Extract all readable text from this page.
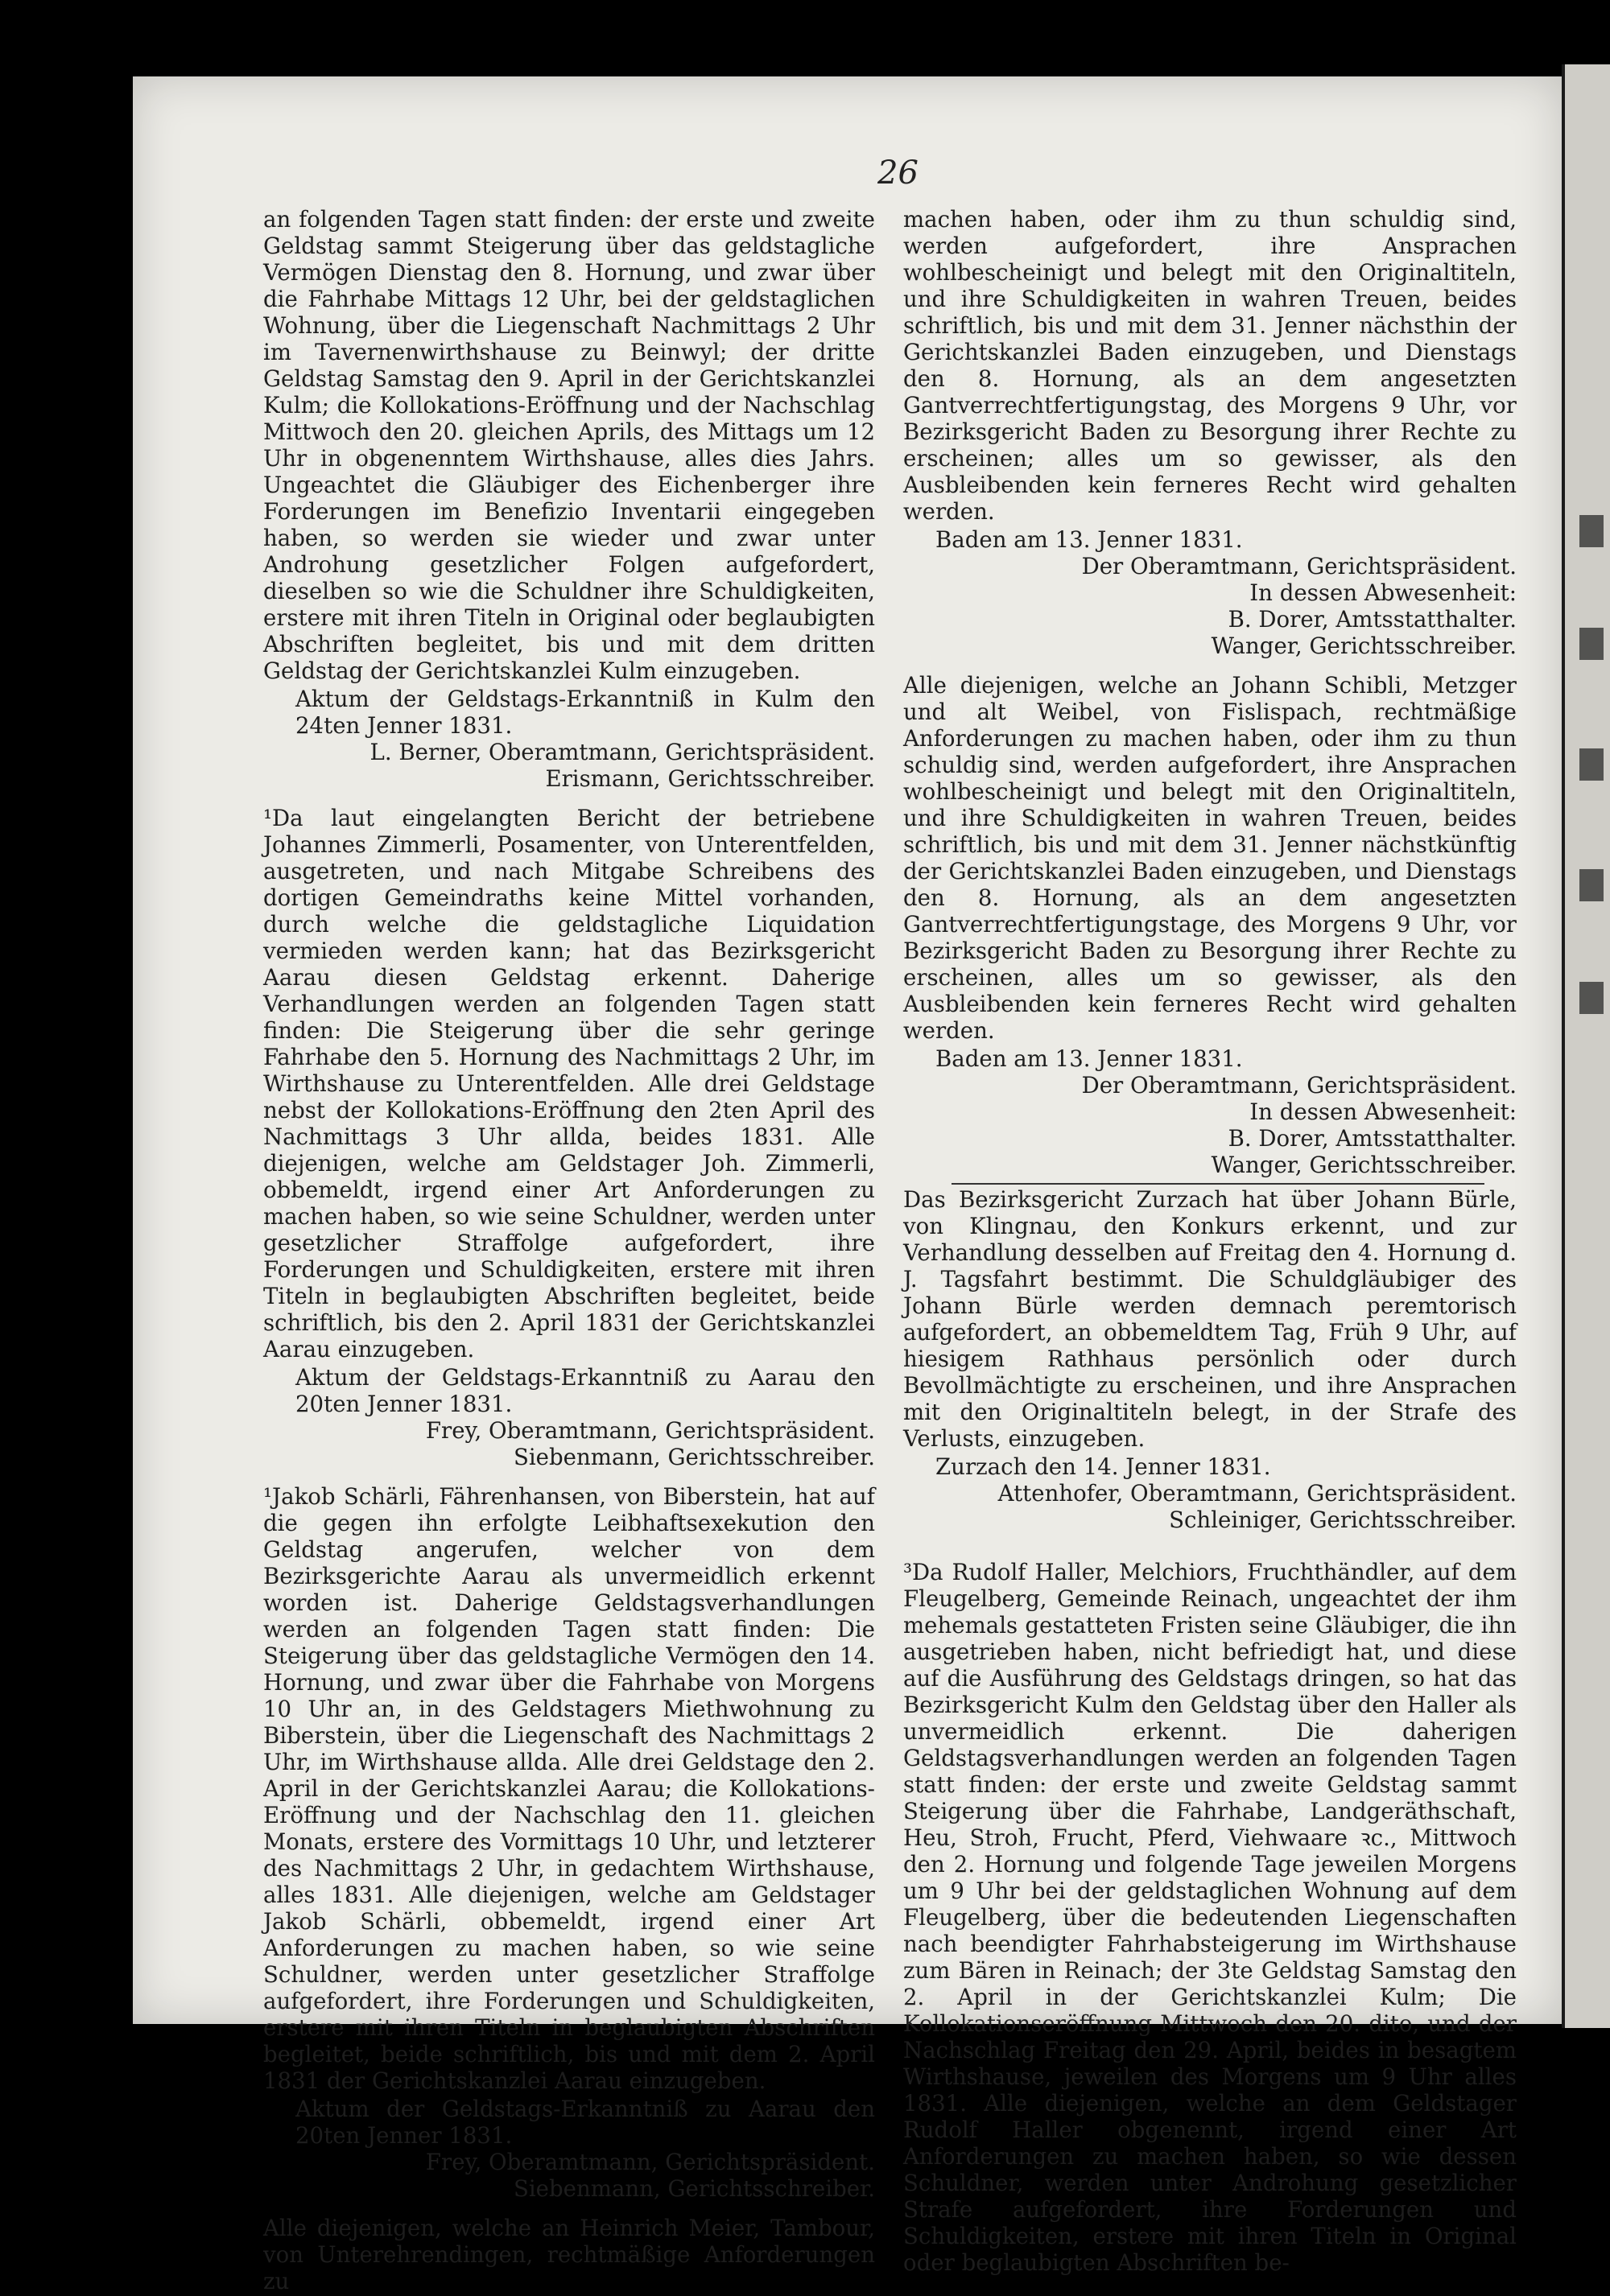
26

an folgenden Tagen statt finden: der erste und zweite Geldstag sammt Steigerung über das geldstagliche Vermögen Dienstag den 8. Hornung, und zwar über die Fahrhabe Mittags 12 Uhr, bei der geldstaglichen Wohnung, über die Liegenschaft Nachmittags 2 Uhr im Tavernenwirthshause zu Beinwyl; der dritte Geldstag Samstag den 9. April in der Gerichtskanzlei Kulm; die Kollokations-Eröffnung und der Nachschlag Mittwoch den 20. gleichen Aprils, des Mittags um 12 Uhr in obgenenntem Wirthshause, alles dies Jahrs. Ungeachtet die Gläubiger des Eichenberger ihre Forderungen im Benefizio Inventarii eingegeben haben, so werden sie wieder und zwar unter Androhung gesetzlicher Folgen aufgefordert, dieselben so wie die Schuldner ihre Schuldigkeiten, erstere mit ihren Titeln in Original oder beglaubigten Abschriften begleitet, bis und mit dem dritten Geldstag der Gerichtskanzlei Kulm einzugeben.

Aktum der Geldstags-Erkanntniß in Kulm den 24ten Jenner 1831.

L. Berner, Oberamtmann, Gerichtspräsident.

Erismann, Gerichtsschreiber.

¹Da laut eingelangten Bericht der betriebene Johannes Zimmerli, Posamenter, von Unterentfelden, ausgetreten, und nach Mitgabe Schreibens des dortigen Gemeindraths keine Mittel vorhanden, durch welche die geldstagliche Liquidation vermieden werden kann; hat das Bezirksgericht Aarau diesen Geldstag erkennt. Daherige Verhandlungen werden an folgenden Tagen statt finden: Die Steigerung über die sehr geringe Fahrhabe den 5. Hornung des Nachmittags 2 Uhr, im Wirthshause zu Unterentfelden. Alle drei Geldstage nebst der Kollokations-Eröffnung den 2ten April des Nachmittags 3 Uhr allda, beides 1831. Alle diejenigen, welche am Geldstager Joh. Zimmerli, obbemeldt, irgend einer Art Anforderungen zu machen haben, so wie seine Schuldner, werden unter gesetzlicher Straffolge aufgefordert, ihre Forderungen und Schuldigkeiten, erstere mit ihren Titeln in beglaubigten Abschriften begleitet, beide schriftlich, bis den 2. April 1831 der Gerichtskanzlei Aarau einzugeben.

Aktum der Geldstags-Erkanntniß zu Aarau den 20ten Jenner 1831.

Frey, Oberamtmann, Gerichtspräsident.

Siebenmann, Gerichtsschreiber.

¹Jakob Schärli, Fährenhansen, von Biberstein, hat auf die gegen ihn erfolgte Leibhaftsexekution den Geldstag angerufen, welcher von dem Bezirksgerichte Aarau als unvermeidlich erkennt worden ist. Daherige Geldstagsverhandlungen werden an folgenden Tagen statt finden: Die Steigerung über das geldstagliche Vermögen den 14. Hornung, und zwar über die Fahrhabe von Morgens 10 Uhr an, in des Geldstagers Miethwohnung zu Biberstein, über die Liegenschaft des Nachmittags 2 Uhr, im Wirthshause allda. Alle drei Geldstage den 2. April in der Gerichtskanzlei Aarau; die Kollokations-Eröffnung und der Nachschlag den 11. gleichen Monats, erstere des Vormittags 10 Uhr, und letzterer des Nachmittags 2 Uhr, in gedachtem Wirthshause, alles 1831. Alle diejenigen, welche am Geldstager Jakob Schärli, obbemeldt, irgend einer Art Anforderungen zu machen haben, so wie seine Schuldner, werden unter gesetzlicher Straffolge aufgefordert, ihre Forderungen und Schuldigkeiten, erstere mit ihren Titeln in beglaubigten Abschriften begleitet, beide schriftlich, bis und mit dem 2. April 1831 der Gerichtskanzlei Aarau einzugeben.

Aktum der Geldstags-Erkanntniß zu Aarau den 20ten Jenner 1831.

Frey, Oberamtmann, Gerichtspräsident.

Siebenmann, Gerichtsschreiber.

Alle diejenigen, welche an Heinrich Meier, Tambour, von Unterehrendingen, rechtmäßige Anforderungen zu

machen haben, oder ihm zu thun schuldig sind, werden aufgefordert, ihre Ansprachen wohlbescheinigt und belegt mit den Originaltiteln, und ihre Schuldigkeiten in wahren Treuen, beides schriftlich, bis und mit dem 31. Jenner nächsthin der Gerichtskanzlei Baden einzugeben, und Dienstags den 8. Hornung, als an dem angesetzten Gantverrechtfertigungstag, des Morgens 9 Uhr, vor Bezirksgericht Baden zu Besorgung ihrer Rechte zu erscheinen; alles um so gewisser, als den Ausbleibenden kein ferneres Recht wird gehalten werden.

Baden am 13. Jenner 1831.

Der Oberamtmann, Gerichtspräsident.

In dessen Abwesenheit:

B. Dorer, Amtsstatthalter.

Wanger, Gerichtsschreiber.

Alle diejenigen, welche an Johann Schibli, Metzger und alt Weibel, von Fislispach, rechtmäßige Anforderungen zu machen haben, oder ihm zu thun schuldig sind, werden aufgefordert, ihre Ansprachen wohlbescheinigt und belegt mit den Originaltiteln, und ihre Schuldigkeiten in wahren Treuen, beides schriftlich, bis und mit dem 31. Jenner nächstkünftig der Gerichtskanzlei Baden einzugeben, und Dienstags den 8. Hornung, als an dem angesetzten Gantverrechtfertigungstage, des Morgens 9 Uhr, vor Bezirksgericht Baden zu Besorgung ihrer Rechte zu erscheinen, alles um so gewisser, als den Ausbleibenden kein ferneres Recht wird gehalten werden.

Baden am 13. Jenner 1831.

Der Oberamtmann, Gerichtspräsident.

In dessen Abwesenheit:

B. Dorer, Amtsstatthalter.

Wanger, Gerichtsschreiber.

Das Bezirksgericht Zurzach hat über Johann Bürle, von Klingnau, den Konkurs erkennt, und zur Verhandlung desselben auf Freitag den 4. Hornung d. J. Tagsfahrt bestimmt. Die Schuldgläubiger des Johann Bürle werden demnach peremtorisch aufgefordert, an obbemeldtem Tag, Früh 9 Uhr, auf hiesigem Rathhaus persönlich oder durch Bevollmächtigte zu erscheinen, und ihre Ansprachen mit den Originaltiteln belegt, in der Strafe des Verlusts, einzugeben.

Zurzach den 14. Jenner 1831.

Attenhofer, Oberamtmann, Gerichtspräsident.

Schleiniger, Gerichtsschreiber.

³Da Rudolf Haller, Melchiors, Fruchthändler, auf dem Fleugelberg, Gemeinde Reinach, ungeachtet der ihm mehemals gestatteten Fristen seine Gläubiger, die ihn ausgetrieben haben, nicht befriedigt hat, und diese auf die Ausführung des Geldstags dringen, so hat das Bezirksgericht Kulm den Geldstag über den Haller als unvermeidlich erkennt. Die daherigen Geldstagsverhandlungen werden an folgenden Tagen statt finden: der erste und zweite Geldstag sammt Steigerung über die Fahrhabe, Landgeräthschaft, Heu, Stroh, Frucht, Pferd, Viehwaare ꝛc., Mittwoch den 2. Hornung und folgende Tage jeweilen Morgens um 9 Uhr bei der geldstaglichen Wohnung auf dem Fleugelberg, über die bedeutenden Liegenschaften nach beendigter Fahrhabsteigerung im Wirthshause zum Bären in Reinach; der 3te Geldstag Samstag den 2. April in der Gerichtskanzlei Kulm; Die Kollokationseröffnung Mittwoch den 20. dito, und der Nachschlag Freitag den 29. April, beides in besagtem Wirthshause, jeweilen des Morgens um 9 Uhr alles 1831. Alle diejenigen, welche an dem Geldstager Rudolf Haller obgenennt, irgend einer Art Anforderungen zu machen haben, so wie dessen Schuldner, werden unter Androhung gesetzlicher Strafe aufgefordert, ihre Forderungen und Schuldigkeiten, erstere mit ihren Titeln in Original oder beglaubigten Abschriften be-
